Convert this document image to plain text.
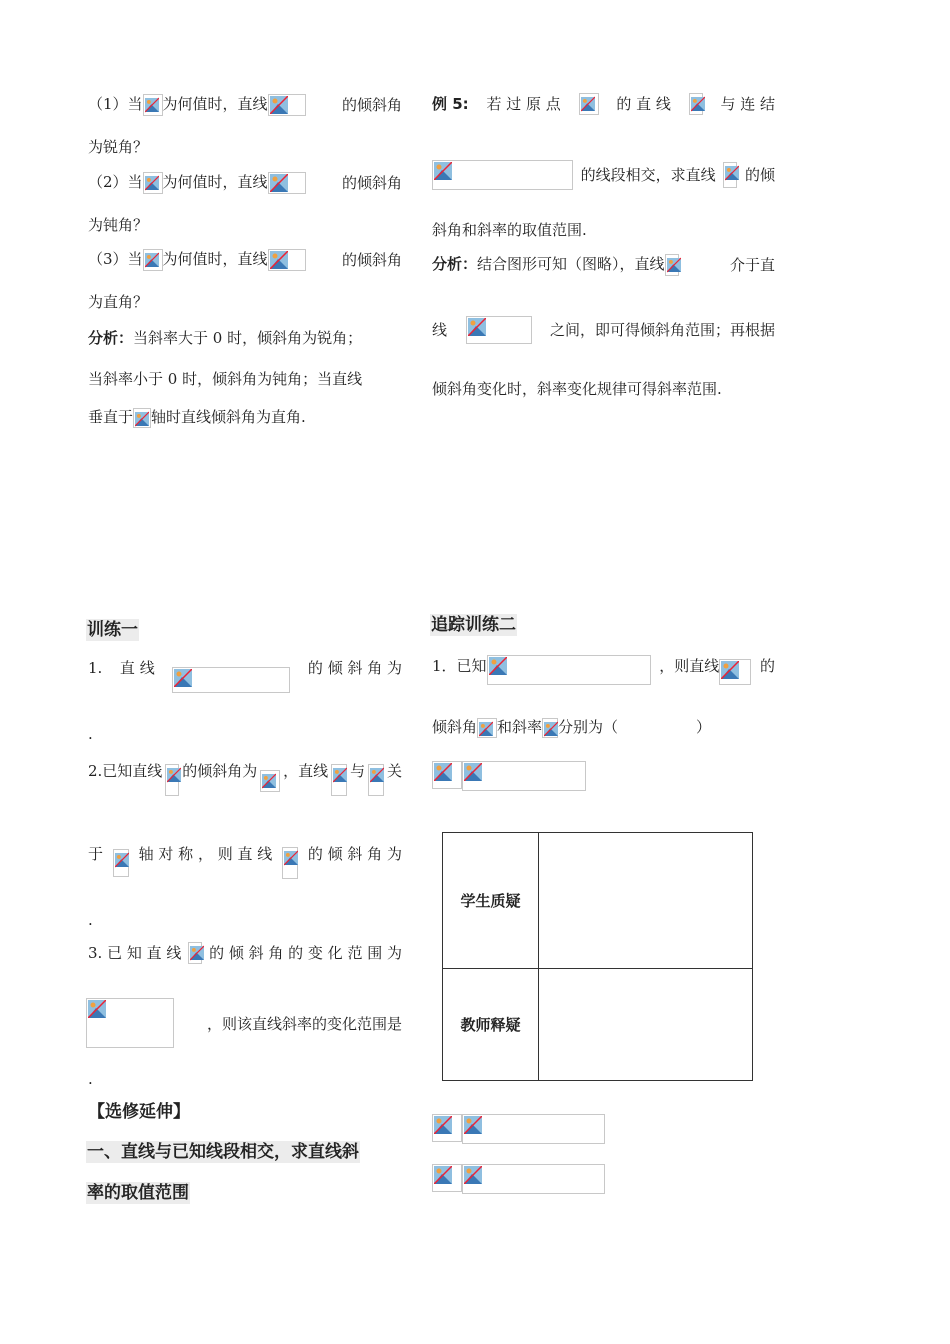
（1）当 为何值时，直线	的倾斜角
为锐角？
（2）当 为何值时，直线	的倾斜角
为钝角？
（3）当 为何值时，直线	的倾斜角
为直角？
分析：当斜率大于 0 时，倾斜角为锐角；
当斜率小于 0 时，倾斜角为钝角；当直线
垂直于 轴时直线倾斜角为直角.
例 5: 若 过 原 点	的 直 线	与 连 结
的线段相交，求直线 的倾
斜角和斜率的取值范围.
分析：结合图形可知（图略），直线	介于直
线	之间，即可得倾斜角范围；再根据
倾斜角变化时，斜率变化规律可得斜率范围.
训练一
1. 直 线	的 倾 斜 角 为
.
2.已知直线 的倾斜角为 ，直线 与 关
于 轴 对 称 ， 则 直 线 的 倾 斜 角 为
.
3. 已 知 直 线 的 倾 斜 角 的 变 化 范 围 为
，则该直线斜率的变化范围是
.
【选修延伸】
一、直线与已知线段相交，求直线斜
率的取值范围
追踪训练二
1．已知	，则直线	的
倾斜角 和斜率 分别为（	）
学生质疑	
教师释疑	
